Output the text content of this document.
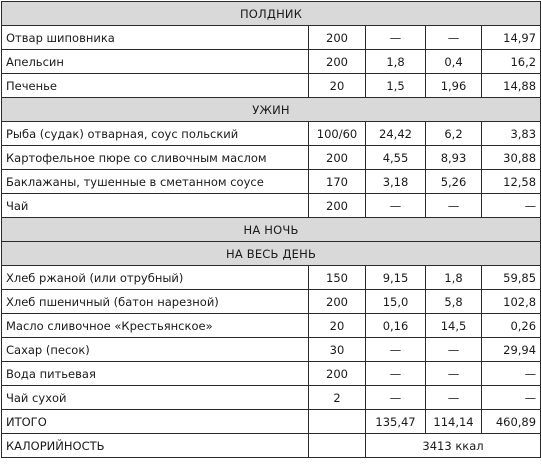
ПОЛДНИК				
Отвар шиповника	200	—	—	14,97
Апельсин	200	1,8	0,4	16,2
Печенье	20	1,5	1,96	14,88
УЖИН				
Рыба (судак) отварная, соус польский	100/60	24,42	6,2	3,83
Картофельное пюре со сливочным маслом	200	4,55	8,93	30,88
Баклажаны, тушенные в сметанном соусе	170	3,18	5,26	12,58
Чай	200	—	—	—
НА НОЧЬ				
НА ВЕСЬ ДЕНЬ				
Хлеб ржаной (или отрубный)	150	9,15	1,8	59,85
Хлеб пшеничный (батон нарезной)	200	15,0	5,8	102,8
Масло сливочное «Крестьянское»	20	0,16	14,5	0,26
Сахар (песок)	30	—	—	29,94
Вода питьевая	200	—	—	—
Чай сухой	2	—	—	—
ИТОГО		135,47	114,14	460,89
КАЛОРИЙНОСТЬ		3413 ккал		
